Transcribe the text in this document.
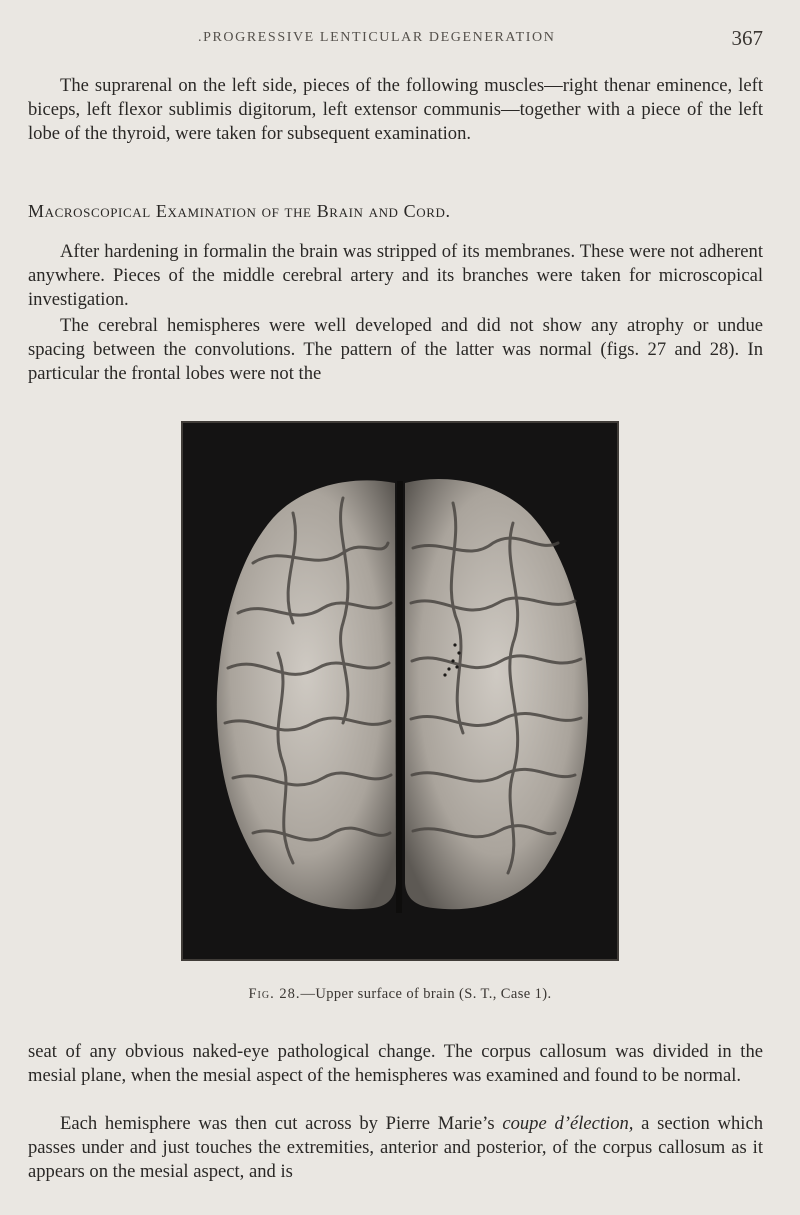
.PROGRESSIVE LENTICULAR DEGENERATION	367

The suprarenal on the left side, pieces of the following muscles—right thenar eminence, left biceps, left flexor sublimis digitorum, left extensor communis—together with a piece of the left lobe of the thyroid, were taken for subsequent examination.

Macroscopical Examination of the Brain and Cord.

After hardening in formalin the brain was stripped of its membranes. These were not adherent anywhere. Pieces of the middle cerebral artery and its branches were taken for microscopical investigation.

The cerebral hemispheres were well developed and did not show any atrophy or undue spacing between the convolutions. The pattern of the latter was normal (figs. 27 and 28). In particular the frontal lobes were not the

Fig. 28.—Upper surface of brain (S. T., Case 1).

seat of any obvious naked-eye pathological change. The corpus callosum was divided in the mesial plane, when the mesial aspect of the hemispheres was examined and found to be normal.

Each hemisphere was then cut across by Pierre Marie’s coupe d’élection, a section which passes under and just touches the extremities, anterior and posterior, of the corpus callosum as it appears on the mesial aspect, and is
